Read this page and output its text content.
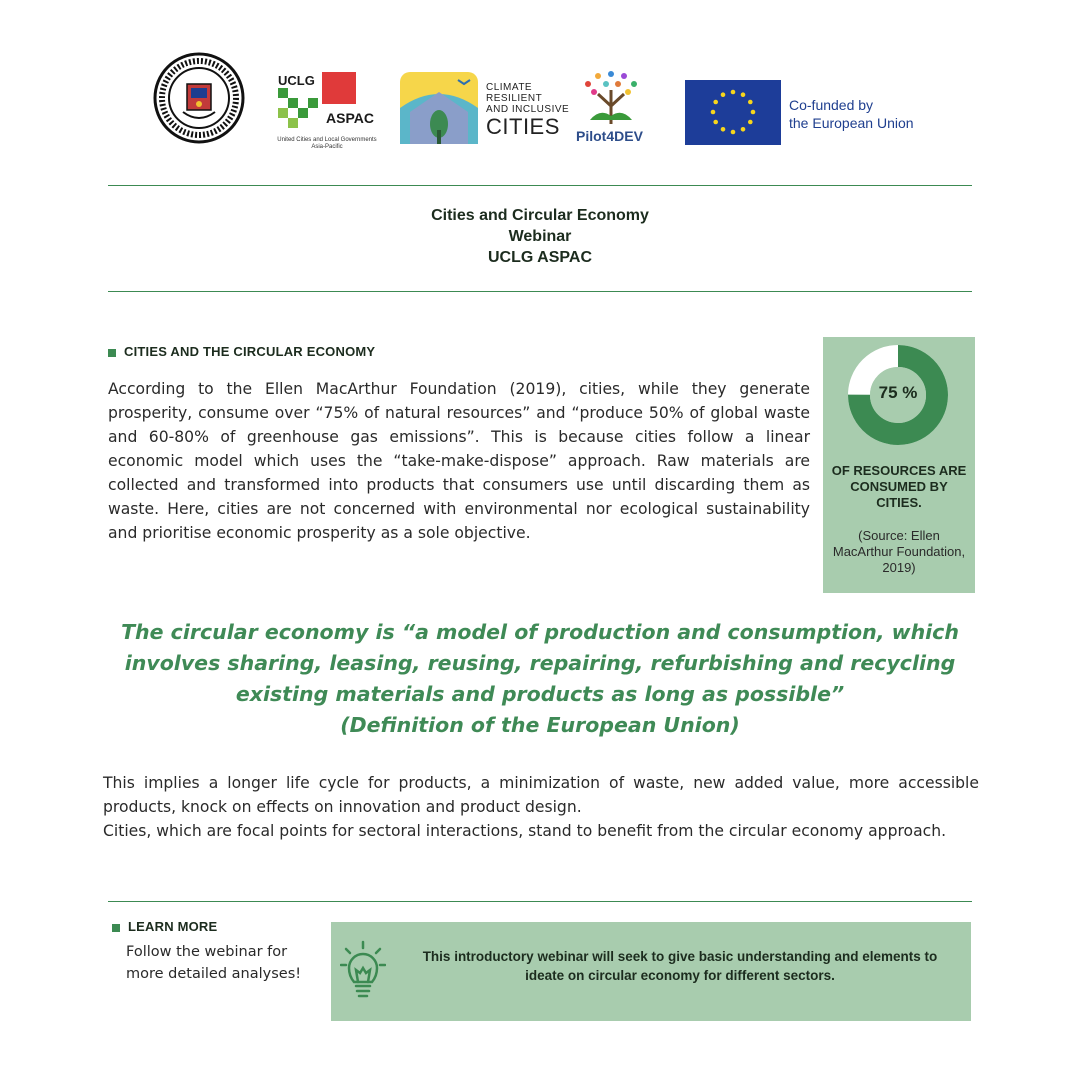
UCLG
ASPAC
United Cities and Local Governments Asia-Pacific
CLIMATE
RESILIENT
AND INCLUSIVE
CITIES	Pilot4DEV
Co-funded by
the European Union
Cities and Circular Economy
Webinar
UCLG ASPAC
CITIES AND THE CIRCULAR ECONOMY
According to the Ellen MacArthur Foundation (2019), cities, while they generate prosperity, consume over “75% of natural resources” and “produce 50% of global waste and 60-80% of greenhouse gas emissions”. This is because cities follow a linear economic model which uses the “take-make-dispose” approach. Raw materials are collected and transformed into products that consumers use until discarding them as waste. Here, cities are not concerned with environmental nor ecological sustainability and prioritise economic prosperity as a sole objective.
75 %
OF RESOURCES ARE CONSUMED BY CITIES.
(Source: Ellen MacArthur Foundation, 2019)
The circular economy is “a model of production and consumption, which involves sharing, leasing, reusing, repairing, refurbishing and recycling existing materials and products as long as possible”
(Definition of the European Union)
This implies a longer life cycle for products, a minimization of waste, new added value, more accessible products, knock on effects on innovation and product design.
Cities, which are focal points for sectoral interactions, stand to benefit from the circular economy approach.
LEARN MORE
Follow the webinar for more detailed analyses!
This introductory webinar will seek to give basic understanding and elements to ideate on circular economy for different sectors.
